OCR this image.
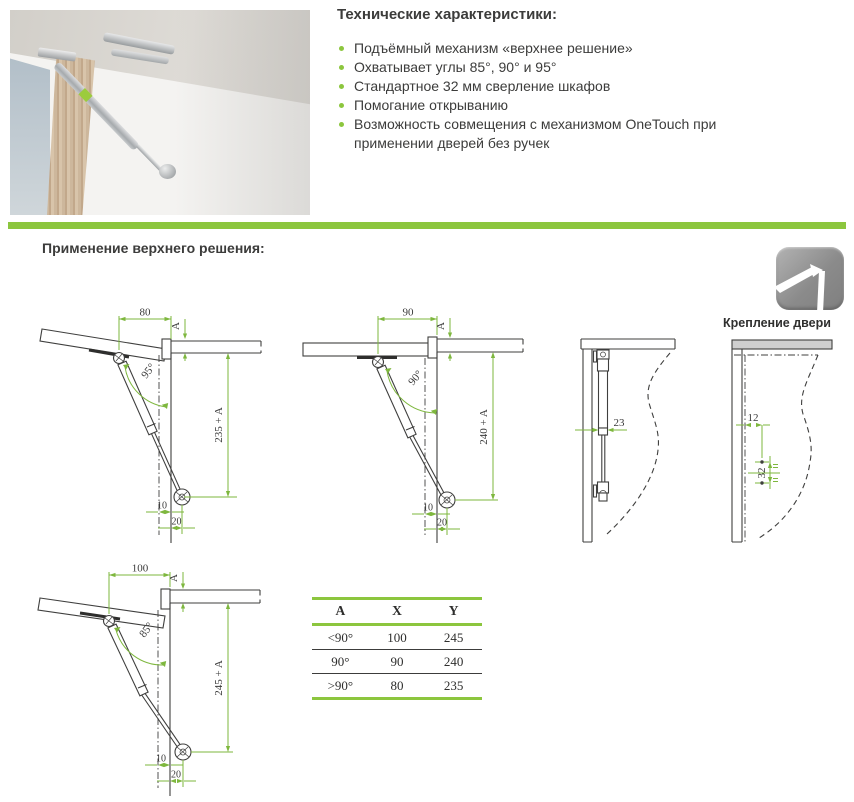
Технические характеристики:
Подъёмный механизм «верхнее решение»
Охватывает углы 85°, 90° и 95°
Стандартное 32 мм сверление шкафов
Помогание открыванию
Возможность совмещения с механизмом OneTouch при применении дверей без ручек
Применение верхнего решения:
Крепление двери
80
A
95°
235 + A
10
20
90
A
90°
240 + A
10
20
23	12
32
100
A
85°
245 + A
10
20
A	X	Y
<90°	100	245
90°	90	240
>90°	80	235
